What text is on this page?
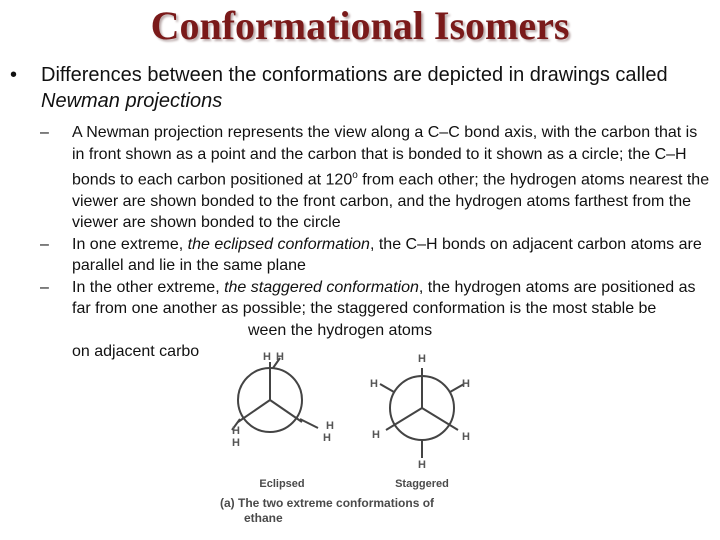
Conformational Isomers
• Differences between the conformations are depicted in drawings called Newman projections
– A Newman projection represents the view along a C–C bond axis, with the carbon that is in front shown as a point and the carbon that is bonded to it shown as a circle; the C–H bonds to each carbon positioned at 120$^o$ from each other; the hydrogen atoms nearest the viewer are shown bonded to the front carbon, and the hydrogen atoms farthest from the viewer are shown bonded to the circle
– In one extreme, the eclipsed conformation, the C–H bonds on adjacent carbon atoms are parallel and lie in the same plane
– In the other extreme, the staggered conformation, the hydrogen atoms are positioned as far from one another as possible; the staggered conformation is the most stable beween the hydrogen atoms
on adjacent carbo	H H
H
H
H
H
H
H	H
H	H
H
Eclipsed	Staggered
(a) The two extreme conformations of
ethane
